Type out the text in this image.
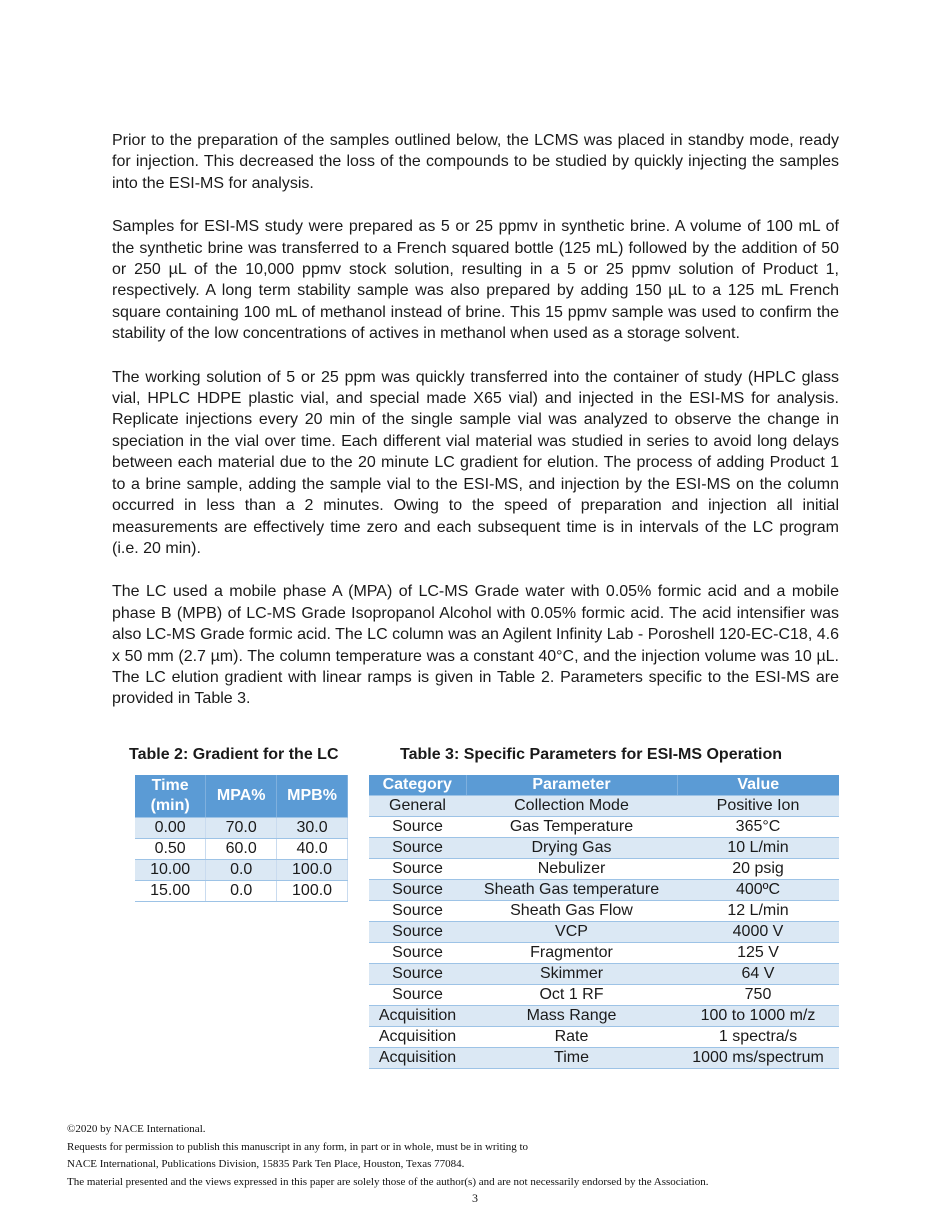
Prior to the preparation of the samples outlined below, the LCMS was placed in standby mode, ready for injection. This decreased the loss of the compounds to be studied by quickly injecting the samples into the ESI-MS for analysis.

Samples for ESI-MS study were prepared as 5 or 25 ppmv in synthetic brine. A volume of 100 mL of the synthetic brine was transferred to a French squared bottle (125 mL) followed by the addition of 50 or 250 µL of the 10,000 ppmv stock solution, resulting in a 5 or 25 ppmv solution of Product 1, respectively. A long term stability sample was also prepared by adding 150 µL to a 125 mL French square containing 100 mL of methanol instead of brine. This 15 ppmv sample was used to confirm the stability of the low concentrations of actives in methanol when used as a storage solvent.

The working solution of 5 or 25 ppm was quickly transferred into the container of study (HPLC glass vial, HPLC HDPE plastic vial, and special made X65 vial) and injected in the ESI-MS for analysis. Replicate injections every 20 min of the single sample vial was analyzed to observe the change in speciation in the vial over time. Each different vial material was studied in series to avoid long delays between each material due to the 20 minute LC gradient for elution. The process of adding Product 1 to a brine sample, adding the sample vial to the ESI-MS, and injection by the ESI-MS on the column occurred in less than a 2 minutes. Owing to the speed of preparation and injection all initial measurements are effectively time zero and each subsequent time is in intervals of the LC program (i.e. 20 min).

The LC used a mobile phase A (MPA) of LC-MS Grade water with 0.05% formic acid and a mobile phase B (MPB) of LC-MS Grade Isopropanol Alcohol with 0.05% formic acid. The acid intensifier was also LC-MS Grade formic acid. The LC column was an Agilent Infinity Lab - Poroshell 120-EC-C18, 4.6 x 50 mm (2.7 µm). The column temperature was a constant 40°C, and the injection volume was 10 µL. The LC elution gradient with linear ramps is given in Table 2. Parameters specific to the ESI-MS are provided in Table 3.

Table 2: Gradient for the LC	Table 3: Specific Parameters for ESI-MS Operation
Time (min)	MPA%	MPB%
0.00	70.0	30.0
0.50	60.0	40.0
10.00	0.0	100.0
15.00	0.0	100.0
Category	Parameter	Value
General	Collection Mode	Positive Ion
Source	Gas Temperature	365°C
Source	Drying Gas	10 L/min
Source	Nebulizer	20 psig
Source	Sheath Gas temperature	400ºC
Source	Sheath Gas Flow	12 L/min
Source	VCP	4000 V
Source	Fragmentor	125 V
Source	Skimmer	64 V
Source	Oct 1 RF	750
Acquisition	Mass Range	100 to 1000 m/z
Acquisition	Rate	1 spectra/s
Acquisition	Time	1000 ms/spectrum
©2020 by NACE International.
Requests for permission to publish this manuscript in any form, in part or in whole, must be in writing to
NACE International, Publications Division, 15835 Park Ten Place, Houston, Texas 77084.
The material presented and the views expressed in this paper are solely those of the author(s) and are not necessarily endorsed by the Association.
3
